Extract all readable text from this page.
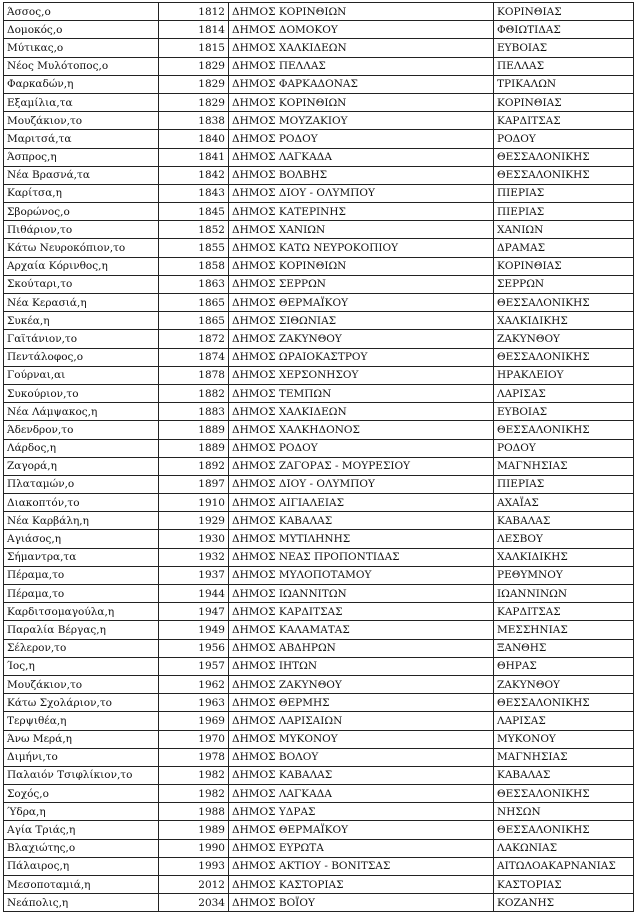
Άσσος,ο	1812	ΔΗΜΟΣ ΚΟΡΙΝΘΙΩΝ	ΚΟΡΙΝΘΙΑΣ
Δομοκός,ο	1814	ΔΗΜΟΣ ΔΟΜΟΚΟΥ	ΦΘΙΩΤΙΔΑΣ
Μύτικας,ο	1815	ΔΗΜΟΣ ΧΑΛΚΙΔΕΩΝ	ΕΥΒΟΙΑΣ
Νέος Μυλότοπος,ο	1829	ΔΗΜΟΣ ΠΕΛΛΑΣ	ΠΕΛΛΑΣ
Φαρκαδών,η	1829	ΔΗΜΟΣ ΦΑΡΚΑΔΟΝΑΣ	ΤΡΙΚΑΛΩΝ
Εξαμίλια,τα	1829	ΔΗΜΟΣ ΚΟΡΙΝΘΙΩΝ	ΚΟΡΙΝΘΙΑΣ
Μουζάκιον,το	1838	ΔΗΜΟΣ ΜΟΥΖΑΚΙΟΥ	ΚΑΡΔΙΤΣΑΣ
Μαριτσά,τα	1840	ΔΗΜΟΣ ΡΟΔΟΥ	ΡΟΔΟΥ
Άσπρος,η	1841	ΔΗΜΟΣ ΛΑΓΚΑΔΑ	ΘΕΣΣΑΛΟΝΙΚΗΣ
Νέα Βρασνά,τα	1842	ΔΗΜΟΣ ΒΟΛΒΗΣ	ΘΕΣΣΑΛΟΝΙΚΗΣ
Καρίτσα,η	1843	ΔΗΜΟΣ ΔΙΟΥ - ΟΛΥΜΠΟΥ	ΠΙΕΡΙΑΣ
Σβορώνος,ο	1845	ΔΗΜΟΣ ΚΑΤΕΡΙΝΗΣ	ΠΙΕΡΙΑΣ
Πιθάριον,το	1852	ΔΗΜΟΣ ΧΑΝΙΩΝ	ΧΑΝΙΩΝ
Κάτω Νευροκόπιον,το	1855	ΔΗΜΟΣ ΚΑΤΩ ΝΕΥΡΟΚΟΠΙΟΥ	ΔΡΑΜΑΣ
Αρχαία Κόρινθος,η	1858	ΔΗΜΟΣ ΚΟΡΙΝΘΙΩΝ	ΚΟΡΙΝΘΙΑΣ
Σκούταρι,το	1863	ΔΗΜΟΣ ΣΕΡΡΩΝ	ΣΕΡΡΩΝ
Νέα Κερασιά,η	1865	ΔΗΜΟΣ ΘΕΡΜΑΪΚΟΥ	ΘΕΣΣΑΛΟΝΙΚΗΣ
Συκέα,η	1865	ΔΗΜΟΣ ΣΙΘΩΝΙΑΣ	ΧΑΛΚΙΔΙΚΗΣ
Γαϊτάνιον,το	1872	ΔΗΜΟΣ ΖΑΚΥΝΘΟΥ	ΖΑΚΥΝΘΟΥ
Πεντάλοφος,ο	1874	ΔΗΜΟΣ ΩΡΑΙΟΚΑΣΤΡΟΥ	ΘΕΣΣΑΛΟΝΙΚΗΣ
Γούρναι,αι	1878	ΔΗΜΟΣ ΧΕΡΣΟΝΗΣΟΥ	ΗΡΑΚΛΕΙΟΥ
Συκούριον,το	1882	ΔΗΜΟΣ ΤΕΜΠΩΝ	ΛΑΡΙΣΑΣ
Νέα Λάμψακος,η	1883	ΔΗΜΟΣ ΧΑΛΚΙΔΕΩΝ	ΕΥΒΟΙΑΣ
Άδενδρον,το	1889	ΔΗΜΟΣ ΧΑΛΚΗΔΟΝΟΣ	ΘΕΣΣΑΛΟΝΙΚΗΣ
Λάρδος,η	1889	ΔΗΜΟΣ ΡΟΔΟΥ	ΡΟΔΟΥ
Ζαγορά,η	1892	ΔΗΜΟΣ ΖΑΓΟΡΑΣ - ΜΟΥΡΕΣΙΟΥ	ΜΑΓΝΗΣΙΑΣ
Πλαταμών,ο	1897	ΔΗΜΟΣ ΔΙΟΥ - ΟΛΥΜΠΟΥ	ΠΙΕΡΙΑΣ
Διακοπτόν,το	1910	ΔΗΜΟΣ ΑΙΓΙΑΛΕΙΑΣ	ΑΧΑΪΑΣ
Νέα Καρβάλη,η	1929	ΔΗΜΟΣ ΚΑΒΑΛΑΣ	ΚΑΒΑΛΑΣ
Αγιάσος,η	1930	ΔΗΜΟΣ ΜΥΤΙΛΗΝΗΣ	ΛΕΣΒΟΥ
Σήμαντρα,τα	1932	ΔΗΜΟΣ ΝΕΑΣ ΠΡΟΠΟΝΤΙΔΑΣ	ΧΑΛΚΙΔΙΚΗΣ
Πέραμα,το	1937	ΔΗΜΟΣ ΜΥΛΟΠΟΤΑΜΟΥ	ΡΕΘΥΜΝΟΥ
Πέραμα,το	1944	ΔΗΜΟΣ ΙΩΑΝΝΙΤΩΝ	ΙΩΑΝΝΙΝΩΝ
Καρδιτσομαγούλα,η	1947	ΔΗΜΟΣ ΚΑΡΔΙΤΣΑΣ	ΚΑΡΔΙΤΣΑΣ
Παραλία Βέργας,η	1949	ΔΗΜΟΣ ΚΑΛΑΜΑΤΑΣ	ΜΕΣΣΗΝΙΑΣ
Σέλερον,το	1956	ΔΗΜΟΣ ΑΒΔΗΡΩΝ	ΞΑΝΘΗΣ
Ίος,η	1957	ΔΗΜΟΣ ΙΗΤΩΝ	ΘΗΡΑΣ
Μουζάκιον,το	1962	ΔΗΜΟΣ ΖΑΚΥΝΘΟΥ	ΖΑΚΥΝΘΟΥ
Κάτω Σχολάριον,το	1963	ΔΗΜΟΣ ΘΕΡΜΗΣ	ΘΕΣΣΑΛΟΝΙΚΗΣ
Τερψιθέα,η	1969	ΔΗΜΟΣ ΛΑΡΙΣΑΙΩΝ	ΛΑΡΙΣΑΣ
Άνω Μερά,η	1970	ΔΗΜΟΣ ΜΥΚΟΝΟΥ	ΜΥΚΟΝΟΥ
Διμήνι,το	1978	ΔΗΜΟΣ ΒΟΛΟΥ	ΜΑΓΝΗΣΙΑΣ
Παλαιόν Τσιφλίκιον,το	1982	ΔΗΜΟΣ ΚΑΒΑΛΑΣ	ΚΑΒΑΛΑΣ
Σοχός,ο	1982	ΔΗΜΟΣ ΛΑΓΚΑΔΑ	ΘΕΣΣΑΛΟΝΙΚΗΣ
Ύδρα,η	1988	ΔΗΜΟΣ ΥΔΡΑΣ	ΝΗΣΩΝ
Αγία Τριάς,η	1989	ΔΗΜΟΣ ΘΕΡΜΑΪΚΟΥ	ΘΕΣΣΑΛΟΝΙΚΗΣ
Βλαχιώτης,ο	1990	ΔΗΜΟΣ ΕΥΡΩΤΑ	ΛΑΚΩΝΙΑΣ
Πάλαιρος,η	1993	ΔΗΜΟΣ ΑΚΤΙΟΥ - ΒΟΝΙΤΣΑΣ	ΑΙΤΩΛΟΑΚΑΡΝΑΝΙΑΣ
Μεσοποταμιά,η	2012	ΔΗΜΟΣ ΚΑΣΤΟΡΙΑΣ	ΚΑΣΤΟΡΙΑΣ
Νεάπολις,η	2034	ΔΗΜΟΣ ΒΟΪΟΥ	ΚΟΖΑΝΗΣ
